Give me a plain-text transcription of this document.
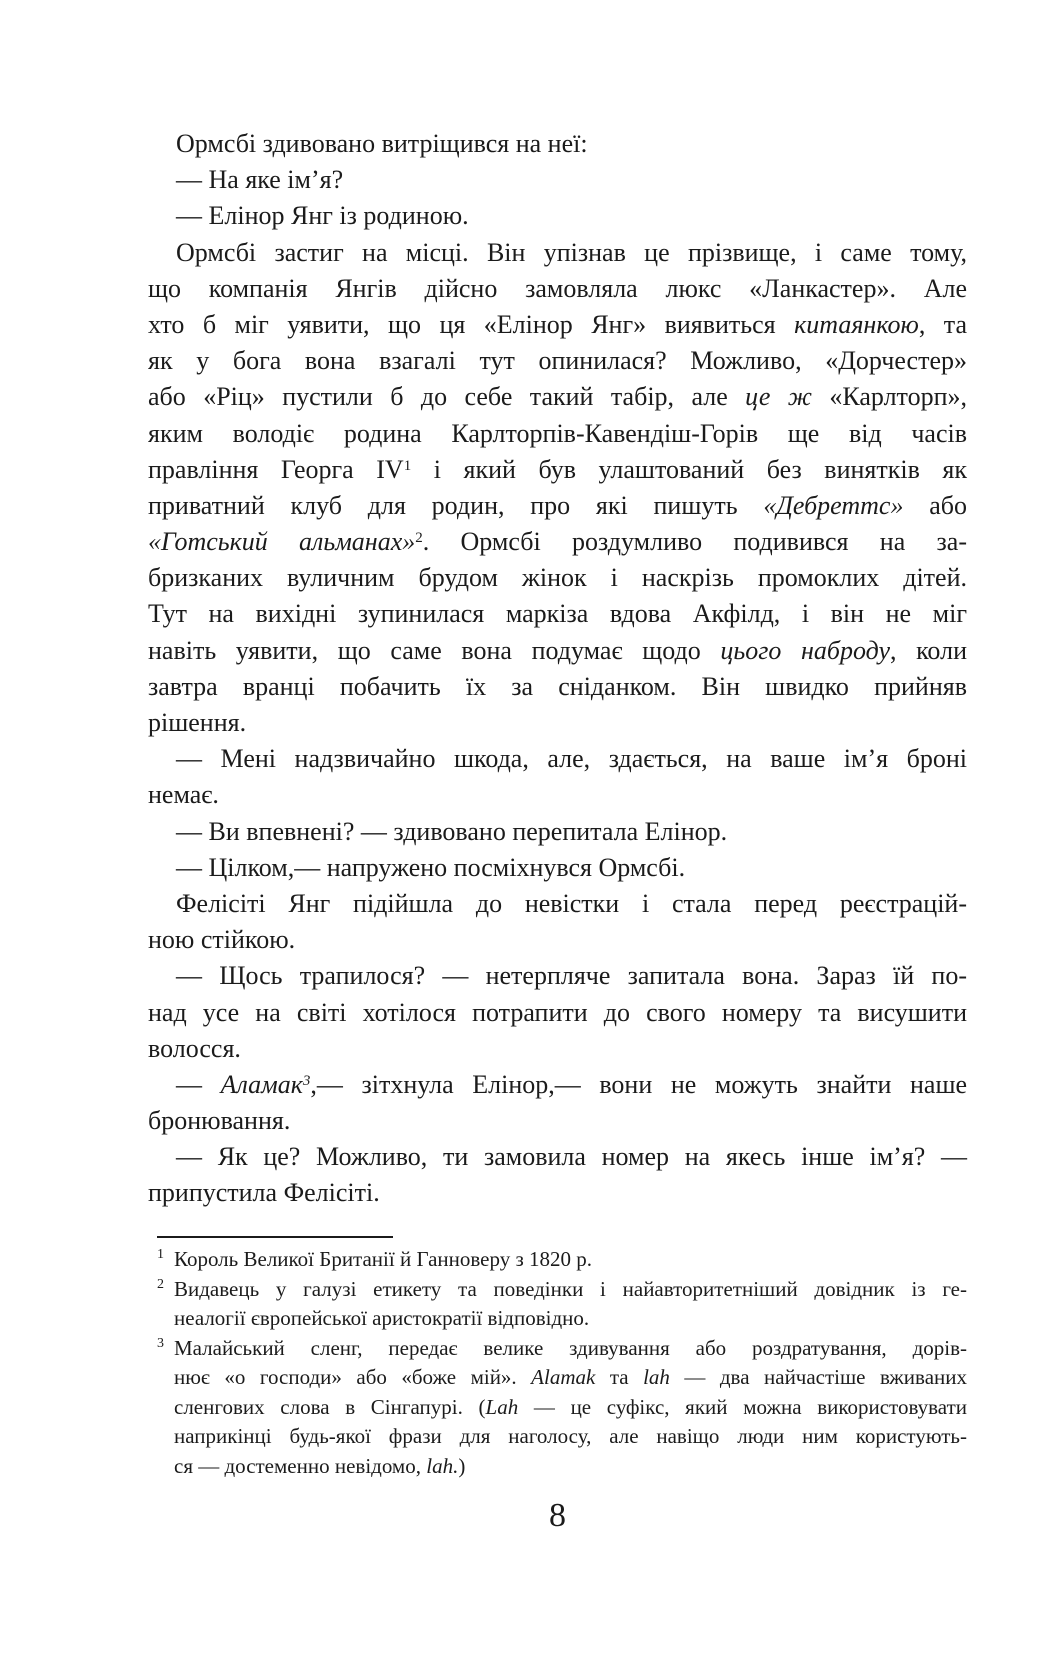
Ормсбі здивовано витріщився на неї:
— На яке ім’я?
— Елінор Янг із родиною.
Ормсбі застиг на місці. Він упізнав це прізвище, і саме тому,
що компанія Янгів дійсно замовляла люкс «Ланкастер». Але
хто б міг уявити, що ця «Елінор Янг» виявиться китаянкою, та
як у бога вона взагалі тут опинилася? Можливо, «Дорчестер»
або «Ріц» пустили б до себе такий табір, але це ж «Карлторп»,
яким володіє родина Карлторпів-Кавендіш-Горів ще від часів
правління Георга $IV^1$ і який був улаштований без винятків як
приватний клуб для родин, про які пишуть «Дебреттс» або
«Готський альманах»$^2$. Ормсбі роздумливо подивився на за-
бризканих вуличним брудом жінок і наскрізь промоклих дітей.
Тут на вихідні зупинилася маркіза вдова Акфілд, і він не міг
навіть уявити, що саме вона подумає щодо цього наброду, коли
завтра вранці побачить їх за сніданком. Він швидко прийняв
рішення.
— Мені надзвичайно шкода, але, здається, на ваше ім’я броні
немає.
— Ви впевнені? — здивовано перепитала Елінор.
— Цілком,— напружено посміхнувся Ормсбі.
Фелісіті Янг підійшла до невістки і стала перед реєстрацій-
ною стійкою.
— Щось трапилося? — нетерпляче запитала вона. Зараз їй по-
над усе на світі хотілося потрапити до свого номеру та висушити
волосся.
— Аламак$^3$,— зітхнула Елінор,— вони не можуть знайти наше
бронювання.
— Як це? Можливо, ти замовила номер на якесь інше ім’я? —
припустила Фелісіті.
1 Король Великої Британії й Ганноверу з 1820 р.
2 Видавець у галузі етикету та поведінки і найавторитетніший довідник із ге-
неалогії європейської аристократії відповідно.
3 Малайський сленг, передає велике здивування або роздратування, дорів-
нює «о господи» або «боже мій». Alamak та lah — два найчастіше вживаних
сленгових слова в Сінгапурі. (Lah — це суфікс, який можна використовувати
наприкінці будь-якої фрази для наголосу, але навіщо люди ним користують-
ся — достеменно невідомо, lah.)
8
